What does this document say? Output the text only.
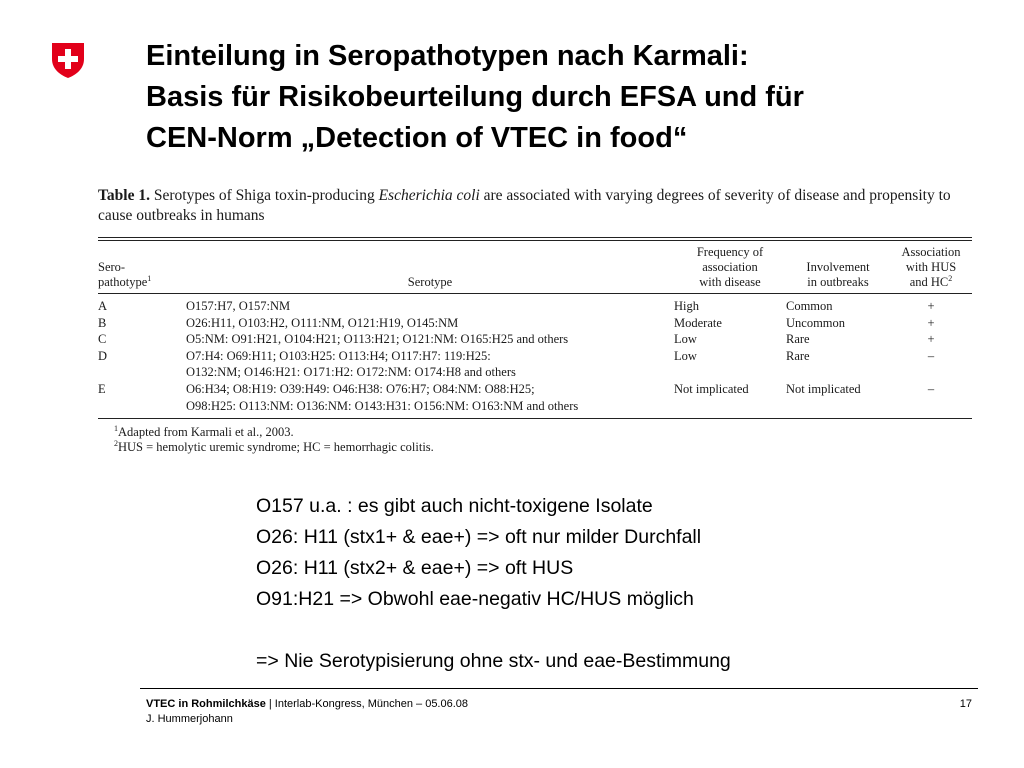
Einteilung in Seropathotypen nach Karmali:
Basis für Risikobeurteilung durch EFSA und für
CEN-Norm „Detection of VTEC in food“

Table 1. Serotypes of Shiga toxin-producing Escherichia coli are associated with varying degrees of severity of disease and propensity to cause outbreaks in humans

Sero-
pathotype$^1$	Serotype	Frequency of
association
with disease	Involvement
in outbreaks	Association
with HUS
and $HC^2$
A	O157:H7, O157:NM	High	Common	+
B	O26:H11, O103:H2, O111:NM, O121:H19, O145:NM	Moderate	Uncommon	+
C	O5:NM: O91:H21, O104:H21; O113:H21; O121:NM: O165:H25 and others	Low	Rare	+
D	O7:H4: O69:H11; O103:H25: O113:H4; O117:H7: 119:H25:	Low	Rare	–
	O132:NM; O146:H21: O171:H2: O172:NM: O174:H8 and others			
E	O6:H34; O8:H19: O39:H49: O46:H38: O76:H7; O84:NM: O88:H25;	Not implicated	Not implicated	–
	O98:H25: O113:NM: O136:NM: O143:H31: O156:NM: O163:NM and others			
$^1$Adapted from Karmali et al., 2003.
$^2$HUS = hemolytic uremic syndrome; HC = hemorrhagic colitis.
O157 u.a. : es gibt auch nicht-toxigene Isolate
O26: H11 (stx1+ & eae+) => oft nur milder Durchfall
O26: H11 (stx2+ & eae+) => oft HUS
O91:H21 => Obwohl eae-negativ HC/HUS möglich
=> Nie Serotypisierung ohne stx- und eae-Bestimmung
VTEC in Rohmilchkäse | Interlab-Kongress, München – 05.06.08
J. Hummerjohann
17
